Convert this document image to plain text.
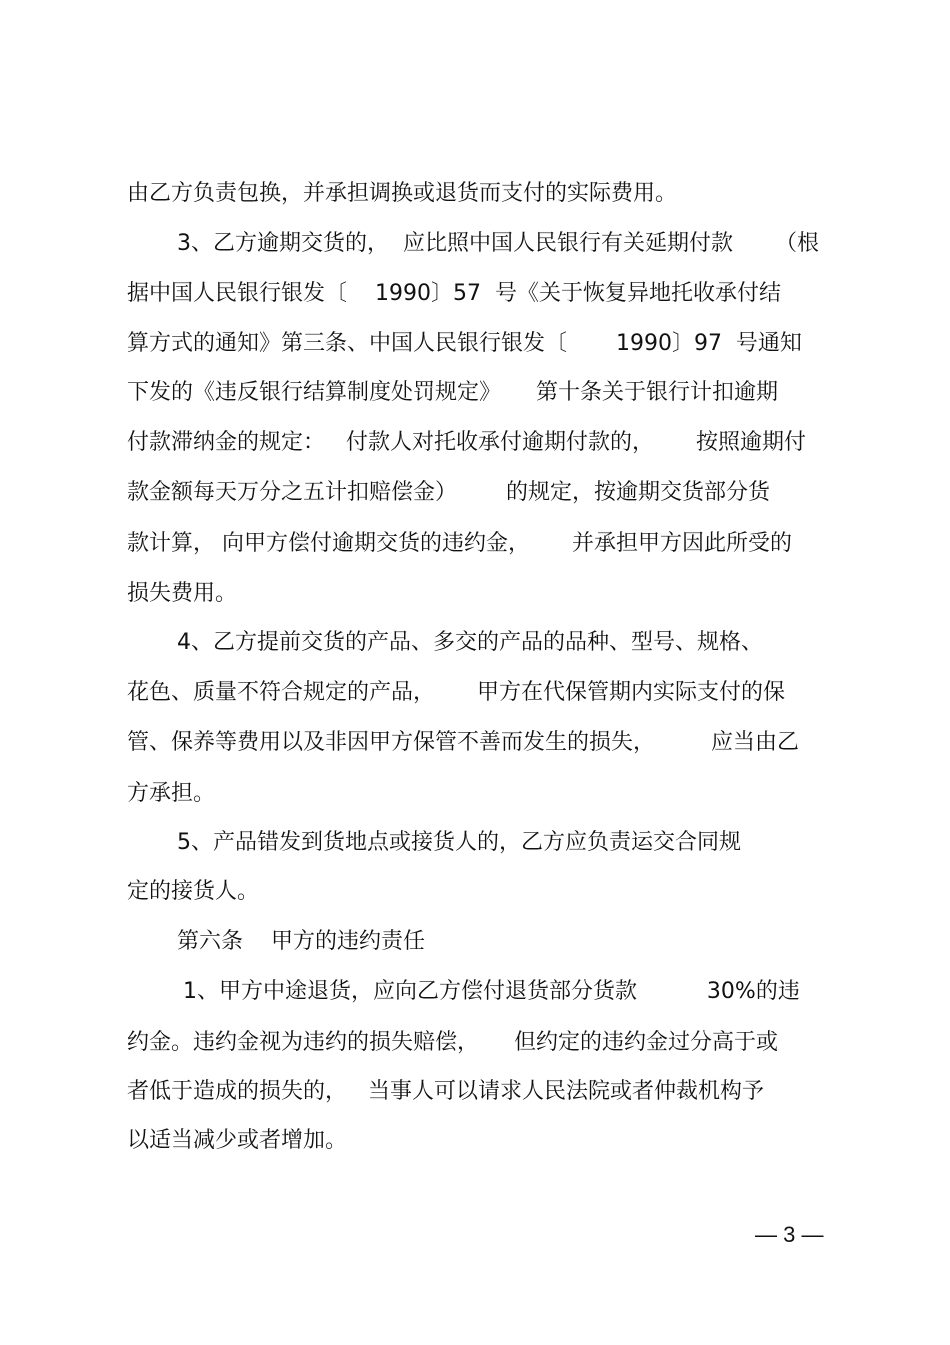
由乙方负责包换，并承担调换或退货而支付的实际费用。

3、乙方逾期交货的，  应比照中国人民银行有关延期付款      （根

据中国人民银行银发〔    1990〕57  号《关于恢复异地托收承付结

算方式的通知》第三条、中国人民银行银发〔       1990〕97  号通知

下发的《违反银行结算制度处罚规定》     第十条关于银行计扣逾期

付款滞纳金的规定：   付款人对托收承付逾期付款的，      按照逾期付

款金额每天万分之五计扣赔偿金）       的规定，按逾期交货部分货

款计算， 向甲方偿付逾期交货的违约金，      并承担甲方因此所受的

损失费用。

4、乙方提前交货的产品、多交的产品的品种、型号、规格、

花色、质量不符合规定的产品，      甲方在代保管期内实际支付的保

管、保养等费用以及非因甲方保管不善而发生的损失，        应当由乙

方承担。

5、产品错发到货地点或接货人的，乙方应负责运交合同规

定的接货人。

第六条    甲方的违约责任

1、甲方中途退货，应向乙方偿付退货部分货款          30%的违

约金。违约金视为违约的损失赔偿，     但约定的违约金过分高于或

者低于造成的损失的，   当事人可以请求人民法院或者仲裁机构予

以适当减少或者增加。

— 3 —
